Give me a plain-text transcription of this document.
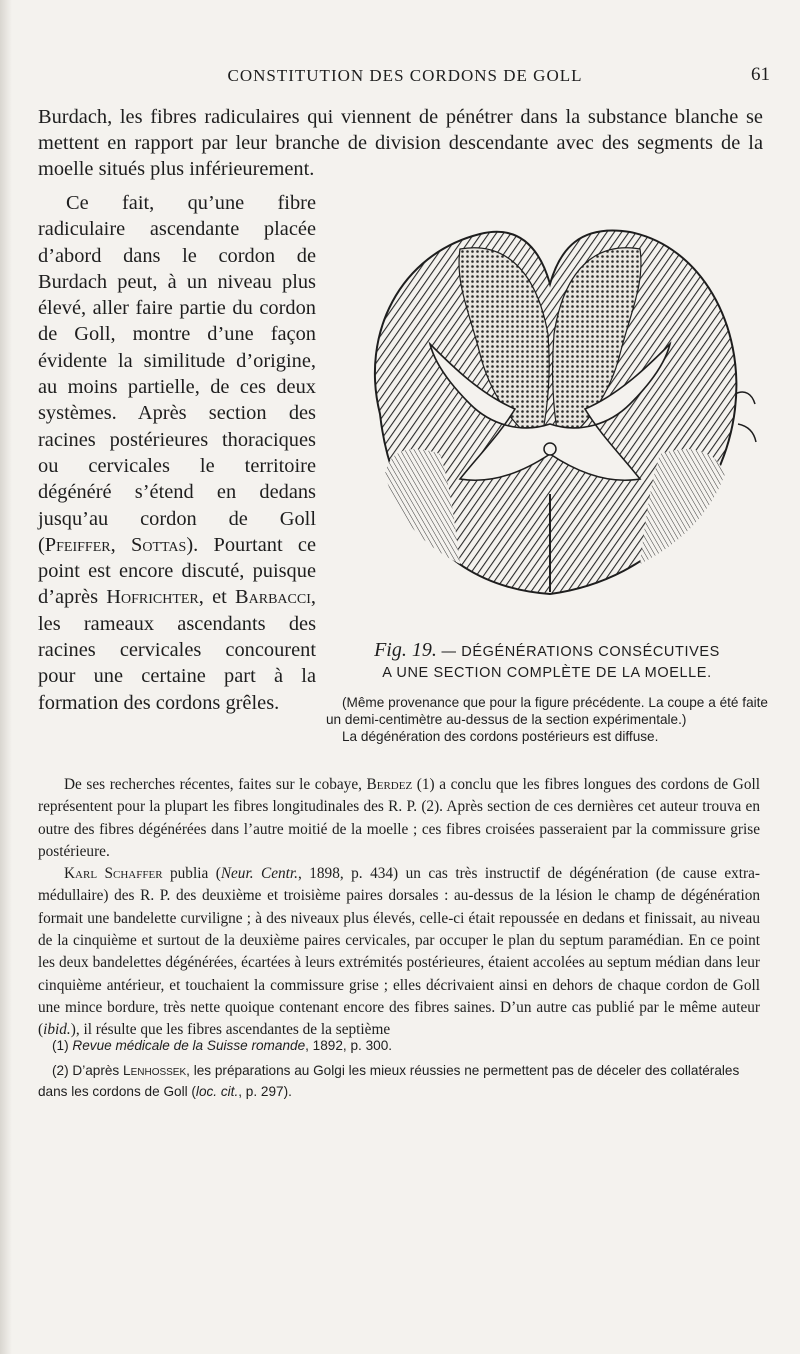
CONSTITUTION DES CORDONS DE GOLL	61
Burdach, les fibres radiculaires qui viennent de pénétrer dans la substance blanche se mettent en rapport par leur branche de division descendante avec des segments de la moelle situés plus inférieurement.
Ce fait, qu’une fibre radiculaire ascendante placée d’abord dans le cordon de Burdach peut, à un niveau plus élevé, aller faire partie du cordon de Goll, montre d’une façon évidente la similitude d’origine, au moins partielle, de ces deux systèmes. Après section des racines postérieures thoraciques ou cervicales le territoire dégénéré s’étend en dedans jusqu’au cordon de Goll (Pfeiffer, Sottas). Pourtant ce point est encore discuté, puisque d’après Hofrichter, et Barbacci, les rameaux ascendants des racines cervicales concourent pour une certaine part à la formation des cordons grêles.
Fig. 19. — DÉGÉNÉRATIONS CONSÉCUTIVES
A UNE SECTION COMPLÈTE DE LA MOELLE.

(Même provenance que pour la figure précédente. La coupe a été faite un demi-centimètre au-dessus de la section expérimentale.)

La dégénération des cordons postérieurs est diffuse.

De ses recherches récentes, faites sur le cobaye, Berdez (1) a conclu que les fibres longues des cordons de Goll représentent pour la plupart les fibres longitudinales des R. P. (2). Après section de ces dernières cet auteur trouva en outre des fibres dégénérées dans l’autre moitié de la moelle ; ces fibres croisées passeraient par la commissure grise postérieure.

Karl Schaffer publia (Neur. Centr., 1898, p. 434) un cas très instructif de dégénération (de cause extra-médullaire) des R. P. des deuxième et troisième paires dorsales : au-dessus de la lésion le champ de dégénération formait une bandelette curviligne ; à des niveaux plus élevés, celle-ci était repoussée en dedans et finissait, au niveau de la cinquième et surtout de la deuxième paires cervicales, par occuper le plan du septum paramédian. En ce point les deux bandelettes dégénérées, écartées à leurs extrémités postérieures, étaient accolées au septum médian dans leur cinquième antérieur, et touchaient la commissure grise ; elles décrivaient ainsi en dehors de chaque cordon de Goll une mince bordure, très nette quoique contenant encore des fibres saines. D’un autre cas publié par le même auteur (ibid.), il résulte que les fibres ascendantes de la septième

(1) Revue médicale de la Suisse romande, 1892, p. 300.

(2) D’après Lenhossek, les préparations au Golgi les mieux réussies ne permettent pas de déceler des collatérales dans les cordons de Goll (loc. cit., p. 297).
